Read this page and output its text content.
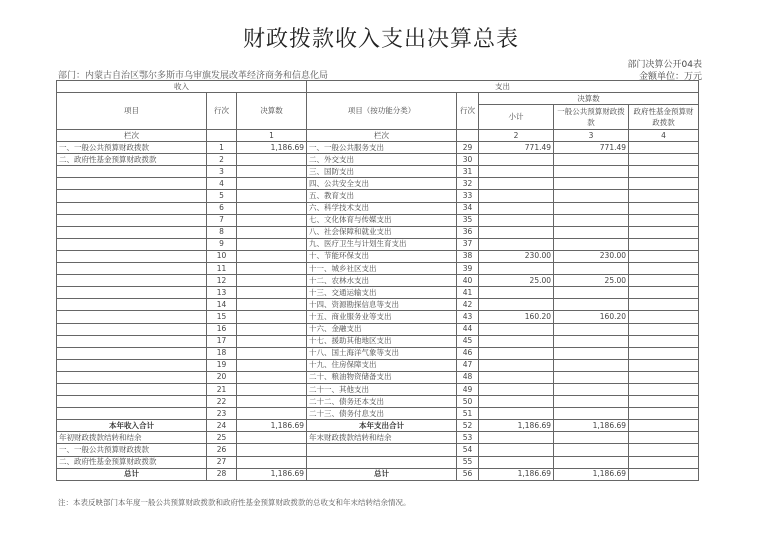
财政拨款收入支出决算总表
部门：内蒙古自治区鄂尔多斯市乌审旗发展改革经济商务和信息化局
部门决算公开04表
金额单位：万元
收入			支出				
项目	行次	决算数	项目（按功能分类）	行次	决算数		
					小计	一般公共预算财政拨款	政府性基金预算财政拨款
栏次		1	栏次		2	3	4
一、一般公共预算财政拨款	1	1,186.69	一、一般公共服务支出	29	771.49	771.49	
二、政府性基金预算财政拨款	2		二、外交支出	30			
	3		三、国防支出	31			
	4		四、公共安全支出	32			
	5		五、教育支出	33			
	6		六、科学技术支出	34			
	7		七、文化体育与传媒支出	35			
	8		八、社会保障和就业支出	36			
	9		九、医疗卫生与计划生育支出	37			
	10		十、节能环保支出	38	230.00	230.00	
	11		十一、城乡社区支出	39			
	12		十二、农林水支出	40	25.00	25.00	
	13		十三、交通运输支出	41			
	14		十四、资源勘探信息等支出	42			
	15		十五、商业服务业等支出	43	160.20	160.20	
	16		十六、金融支出	44			
	17		十七、援助其他地区支出	45			
	18		十八、国土海洋气象等支出	46			
	19		十九、住房保障支出	47			
	20		二十、粮油物资储备支出	48			
	21		二十一、其他支出	49			
	22		二十二、债务还本支出	50			
	23		二十三、债务付息支出	51			
本年收入合计	24	1,186.69	本年支出合计	52	1,186.69	1,186.69	
年初财政拨款结转和结余	25		年末财政拨款结转和结余	53			
一、一般公共预算财政拨款	26			54			
二、政府性基金预算财政拨款	27			55			
总计	28	1,186.69	总计	56	1,186.69	1,186.69	
注：本表反映部门本年度一般公共预算财政拨款和政府性基金预算财政拨款的总收支和年末结转结余情况。
